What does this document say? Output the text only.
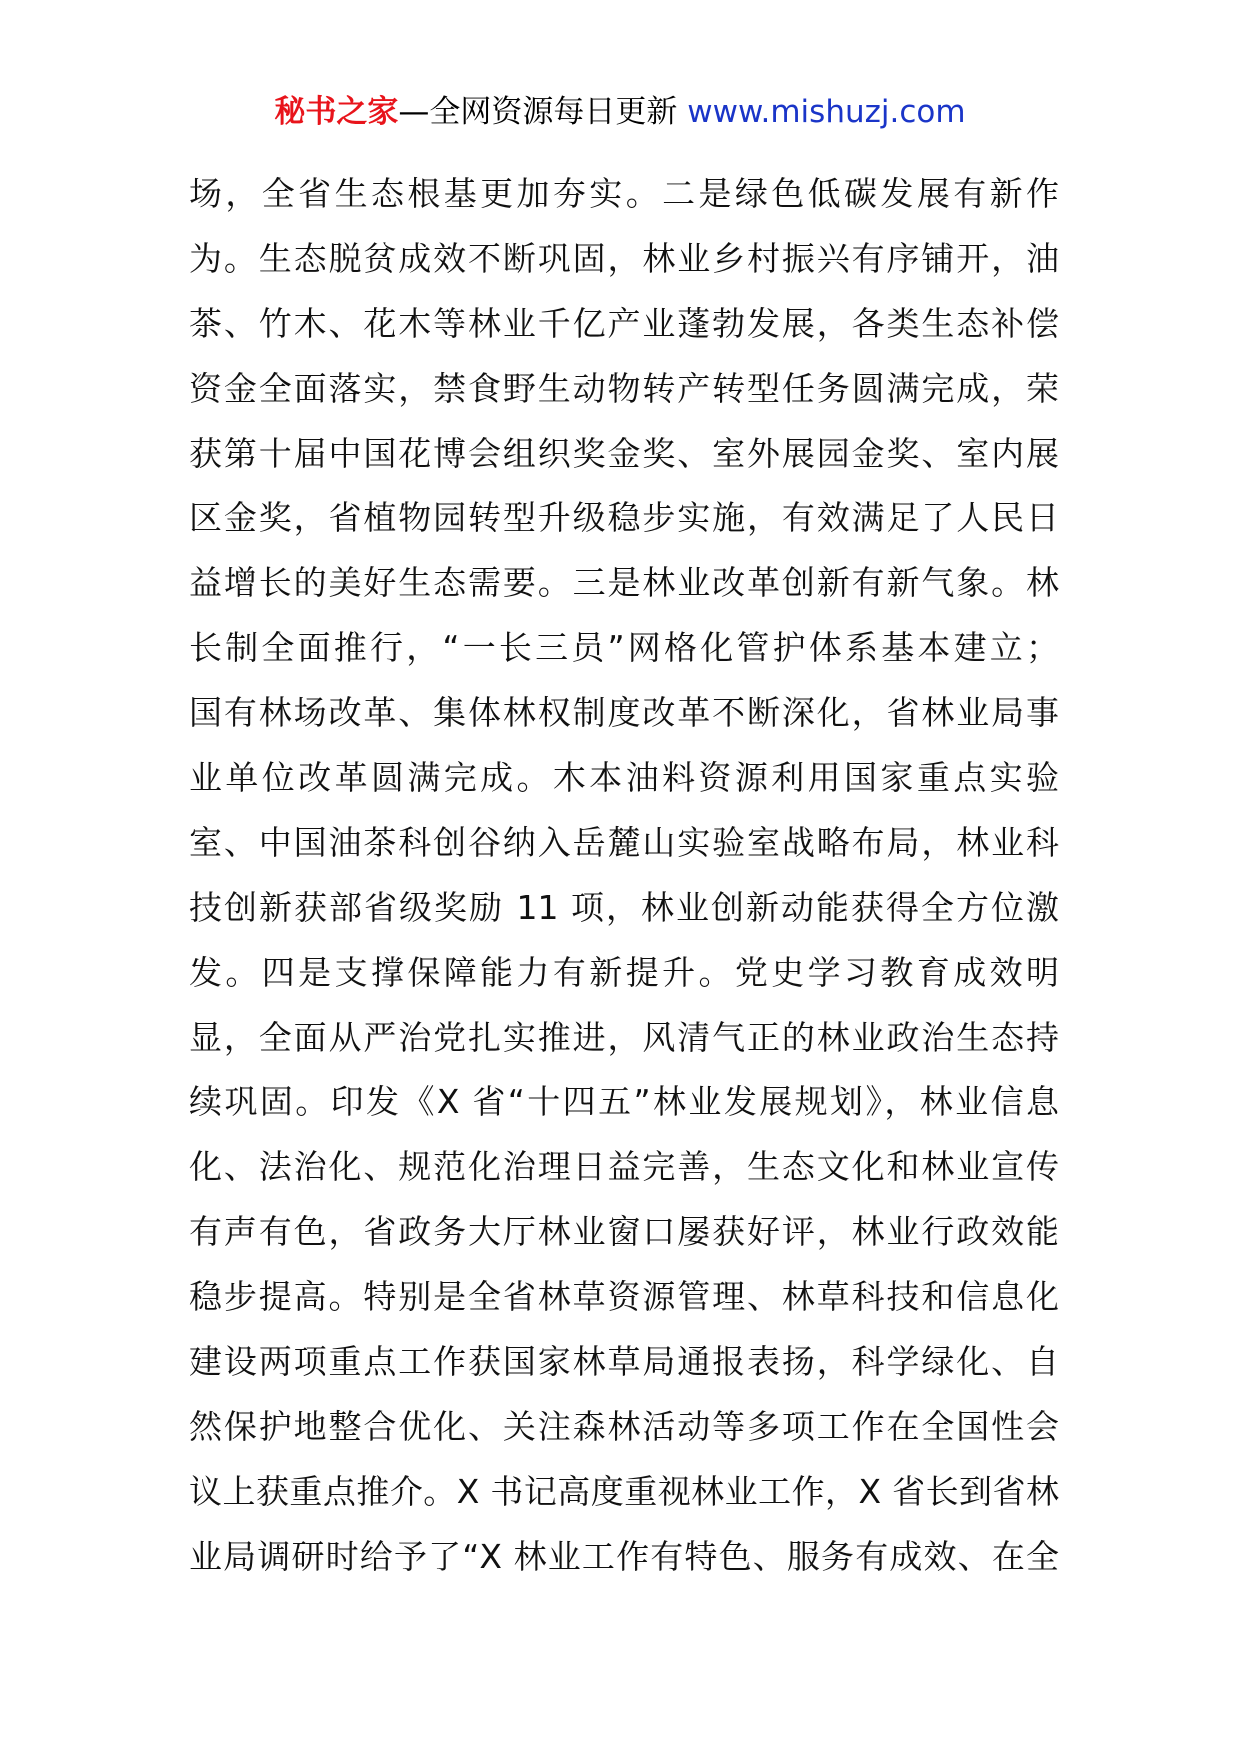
秘书之家—全网资源每日更新 www.mishuzj.com
场，全省生态根基更加夯实。二是绿色低碳发展有新作
为。生态脱贫成效不断巩固，林业乡村振兴有序铺开，油
茶、竹木、花木等林业千亿产业蓬勃发展，各类生态补偿
资金全面落实，禁食野生动物转产转型任务圆满完成，荣
获第十届中国花博会组织奖金奖、室外展园金奖、室内展
区金奖，省植物园转型升级稳步实施，有效满足了人民日
益增长的美好生态需要。三是林业改革创新有新气象。林
长制全面推行，“一长三员”网格化管护体系基本建立；
国有林场改革、集体林权制度改革不断深化，省林业局事
业单位改革圆满完成。木本油料资源利用国家重点实验
室、中国油茶科创谷纳入岳麓山实验室战略布局，林业科
技创新获部省级奖励 11 项，林业创新动能获得全方位激
发。四是支撑保障能力有新提升。党史学习教育成效明
显，全面从严治党扎实推进，风清气正的林业政治生态持
续巩固。印发《X 省“十四五”林业发展规划》，林业信息
化、法治化、规范化治理日益完善，生态文化和林业宣传
有声有色，省政务大厅林业窗口屡获好评，林业行政效能
稳步提高。特别是全省林草资源管理、林草科技和信息化
建设两项重点工作获国家林草局通报表扬，科学绿化、自
然保护地整合优化、关注森林活动等多项工作在全国性会
议上获重点推介。X 书记高度重视林业工作，X 省长到省林
业局调研时给予了“X 林业工作有特色、服务有成效、在全
